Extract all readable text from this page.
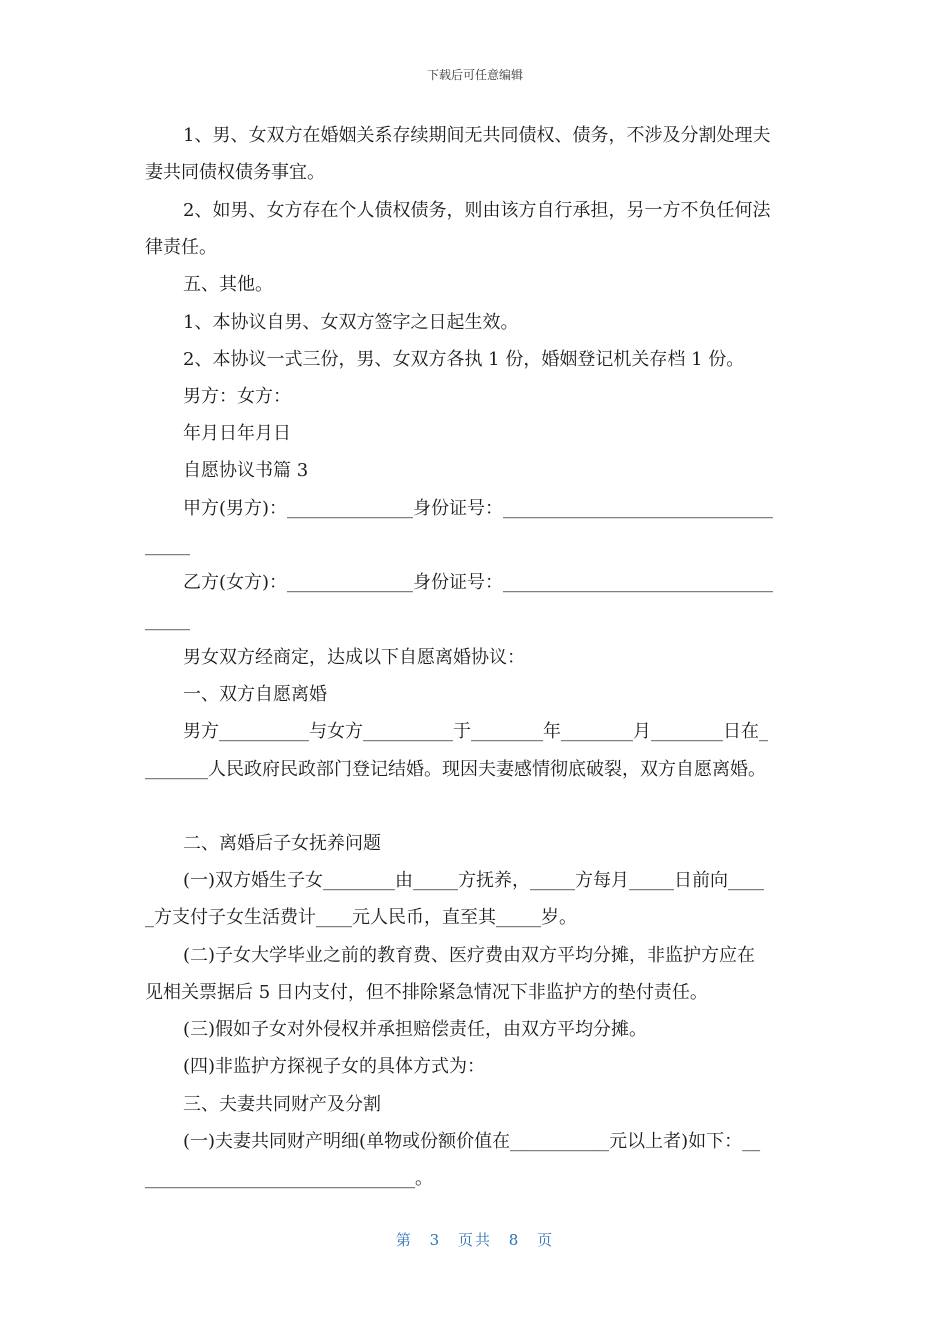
下载后可任意编辑
1、男、女双方在婚姻关系存续期间无共同债权、债务，不涉及分割处理夫
妻共同债权债务事宜。
2、如男、女方存在个人债权债务，则由该方自行承担，另一方不负任何法
律责任。
五、其他。
1、本协议自男、女双方签字之日起生效。
2、本协议一式三份，男、女双方各执 1 份，婚姻登记机关存档 1 份。
男方：女方：
年月日年月日
自愿协议书篇 3
甲方(男方)：______________身份证号：______________________________
_____
乙方(女方)：______________身份证号：______________________________
_____
男女双方经商定，达成以下自愿离婚协议：
一、双方自愿离婚
男方__________与女方__________于________年________月________日在_
_______人民政府民政部门登记结婚。现因夫妻感情彻底破裂，双方自愿离婚。
二、离婚后子女抚养问题
(一)双方婚生子女________由_____方抚养，_____方每月_____日前向____
_方支付子女生活费计____元人民币，直至其_____岁。
(二)子女大学毕业之前的教育费、医疗费由双方平均分摊，非监护方应在
见相关票据后 5 日内支付，但不排除紧急情况下非监护方的垫付责任。
(三)假如子女对外侵权并承担赔偿责任，由双方平均分摊。
(四)非监护方探视子女的具体方式为：
三、夫妻共同财产及分割
(一)夫妻共同财产明细(单物或份额价值在___________元以上者)如下：__
______________________________。
第 3 页共 8 页
